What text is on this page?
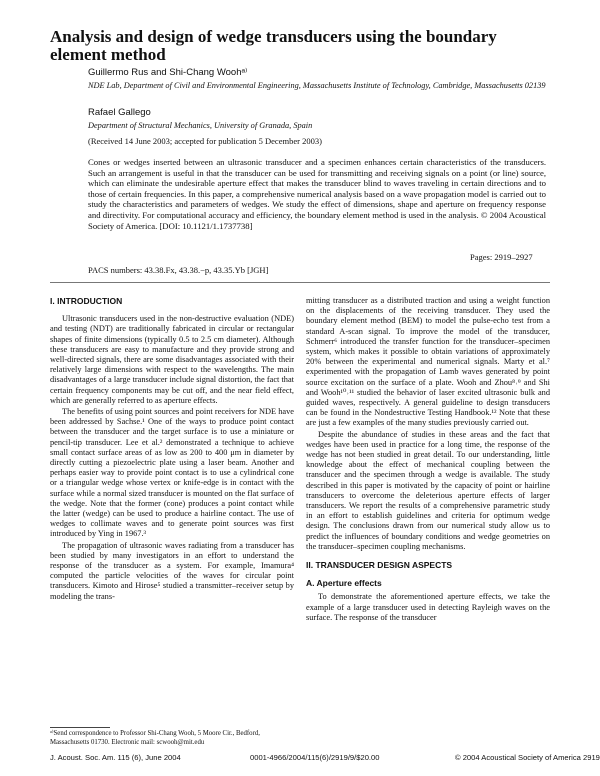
Analysis and design of wedge transducers using the boundary element method
Guillermo Rus and Shi-Chang Woohᵃ⁾
NDE Lab, Department of Civil and Environmental Engineering, Massachusetts Institute of Technology, Cambridge, Massachusetts 02139
Rafael Gallego
Department of Structural Mechanics, University of Granada, Spain
(Received 14 June 2003; accepted for publication 5 December 2003)
Cones or wedges inserted between an ultrasonic transducer and a specimen enhances certain characteristics of the transducers. Such an arrangement is useful in that the transducer can be used for transmitting and receiving signals on a point (or line) source, which can eliminate the undesirable aperture effect that makes the transducer blind to waves traveling in certain directions and to those of certain frequencies. In this paper, a comprehensive numerical analysis based on a wave propagation model is carried out to study the characteristics and parameters of wedges. We study the effect of dimensions, shape and aperture on frequency response and directivity. For computational accuracy and efficiency, the boundary element method is used in the analysis. © 2004 Acoustical Society of America. [DOI: 10.1121/1.1737738]
Pages: 2919–2927
PACS numbers: 43.38.Fx, 43.38.−p, 43.35.Yb [JGH]
I. INTRODUCTION

Ultrasonic transducers used in the non-destructive evaluation (NDE) and testing (NDT) are traditionally fabricated in circular or rectangular shapes of finite dimensions (typically 0.5 to 2.5 cm diameter). Although these transducers are easy to manufacture and they provide strong and well-directed signals, there are some disadvantages associated with their relatively large dimensions with respect to the wavelengths. The main disadvantages of a large transducer include signal distortion, the fact that certain frequency components may be cut off, and the near field effect, which are generally referred to as aperture effects.

The benefits of using point sources and point receivers for NDE have been addressed by Sachse.¹ One of the ways to produce point contact between the transducer and the target surface is to use a miniature or pencil-tip transducer. Lee et al.² demonstrated a technique to achieve small contact surface areas of as low as 200 to 400 μm in diameter by directly cutting a piezoelectric plate using a laser beam. Another and perhaps easier way to provide point contact is to use a cylindrical cone or a triangular wedge whose vertex or knife-edge is in contact with the surface while a normal sized transducer is mounted on the flat surface of the wedge. Note that the former (cone) produces a point contact while the latter (wedge) can be used to produce a hairline contact. The use of wedges to collimate waves and to generate point sources was first introduced by Ying in 1967.³

The propagation of ultrasonic waves radiating from a transducer has been studied by many investigators in an effort to understand the response of the transducer as a system. For example, Imamura⁴ computed the particle velocities of the waves for circular point transducers. Kimoto and Hirose⁵ studied a transmitter–receiver setup by modeling the trans-

mitting transducer as a distributed traction and using a weight function on the displacements of the receiving transducer. They used the boundary element method (BEM) to model the pulse-echo test from a standard A-scan signal. To improve the model of the transducer, Schmerr⁶ introduced the transfer function for the transducer–specimen system, which makes it possible to obtain variations of approximately 20% between the experimental and numerical signals. Marty et al.⁷ experimented with the propagation of Lamb waves generated by point source excitation on the surface of a plate. Wooh and Zhou⁸˒⁹ and Shi and Wooh¹⁰˒¹¹ studied the behavior of laser excited ultrasonic bulk and guided waves, respectively. A general guideline to design transducers can be found in the Nondestructive Testing Handbook.¹² Note that these are just a few examples of the many studies previously carried out.

Despite the abundance of studies in these areas and the fact that wedges have been used in practice for a long time, the response of the wedge has not been studied in great detail. To our understanding, little knowledge about the effect of mechanical coupling between the transducer and the specimen through a wedge is available. The study described in this paper is motivated by the capacity of point or hairline transducers to overcome the deleterious aperture effects of larger transducers. We report the results of a comprehensive parametric study in an effort to establish guidelines and criteria for optimum wedge design. The conclusions drawn from our numerical study allow us to predict the influences of boundary conditions and wedge geometries on the transducer–specimen coupling mechanisms.

II. TRANSDUCER DESIGN ASPECTS
A. Aperture effects

To demonstrate the aforementioned aperture effects, we take the example of a large transducer used in detecting Rayleigh waves on the surface. The response of the transducer

ᵃ⁾Send correspondence to Professor Shi-Chang Wooh, 5 Moore Cir., Bedford, Massachusetts 01730. Electronic mail: scwooh@mit.edu
J. Acoust. Soc. Am. 115 (6), June 2004	0001-4966/2004/115(6)/2919/9/$20.00	© 2004 Acoustical Society of America 2919
